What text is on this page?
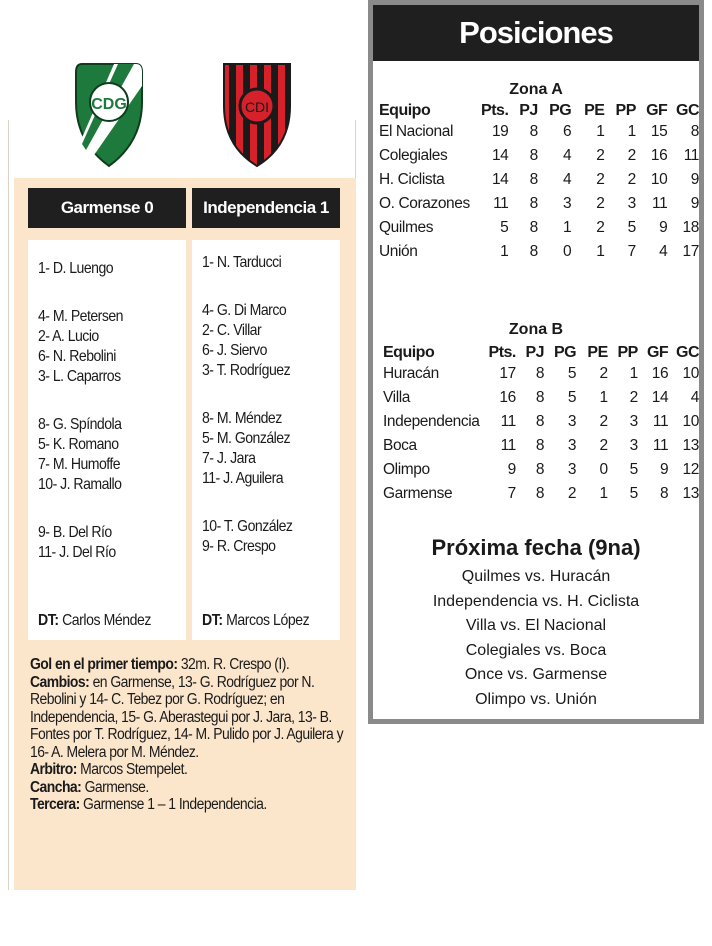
CDG	CDI
Garmense 0	Independencia 1
1- D. Luengo
4- M. Petersen
2- A. Lucio
6- N. Rebolini
3- L. Caparros
8- G. Spíndola
5- K. Romano
7- M. Humoffe
10- J. Ramallo
9- B. Del Río
11- J. Del Río
DT: Carlos Méndez
1- N. Tarducci
4- G. Di Marco
2- C. Villar
6- J. Siervo
3- T. Rodríguez
8- M. Méndez
5- M. González
7- J. Jara
11- J. Aguilera
10- T. González
9- R. Crespo
DT: Marcos López

Gol en el primer tiempo: 32m. R. Crespo (I).

Cambios: en Garmense, 13- G. Rodríguez por N. Rebolini y 14- C. Tebez por G. Rodríguez; en Independencia, 15- G. Aberastegui por J. Jara, 13- B. Fontes por T. Rodríguez, 14- M. Pulido por J. Aguilera y 16- A. Melera por M. Méndez.

Arbitro: Marcos Stempelet.

Cancha: Garmense.

Tercera: Garmense 1 – 1 Independencia.

Posiciones
Zona A
Equipo	Pts.	PJ	PG	PE	PP	GF	GC
El Nacional	19	8	6	1	1	15	8
Colegiales	14	8	4	2	2	16	11
H. Ciclista	14	8	4	2	2	10	9
O. Corazones	11	8	3	2	3	11	9
Quilmes	5	8	1	2	5	9	18
Unión	1	8	0	1	7	4	17
Zona B
Equipo	Pts.	PJ	PG	PE	PP	GF	GC
Huracán	17	8	5	2	1	16	10
Villa	16	8	5	1	2	14	4
Independencia	11	8	3	2	3	11	10
Boca	11	8	3	2	3	11	13
Olimpo	9	8	3	0	5	9	12
Garmense	7	8	2	1	5	8	13
Próxima fecha (9na)
Quilmes vs. Huracán
Independencia vs. H. Ciclista
Villa vs. El Nacional
Colegiales vs. Boca
Once vs. Garmense
Olimpo vs. Unión
